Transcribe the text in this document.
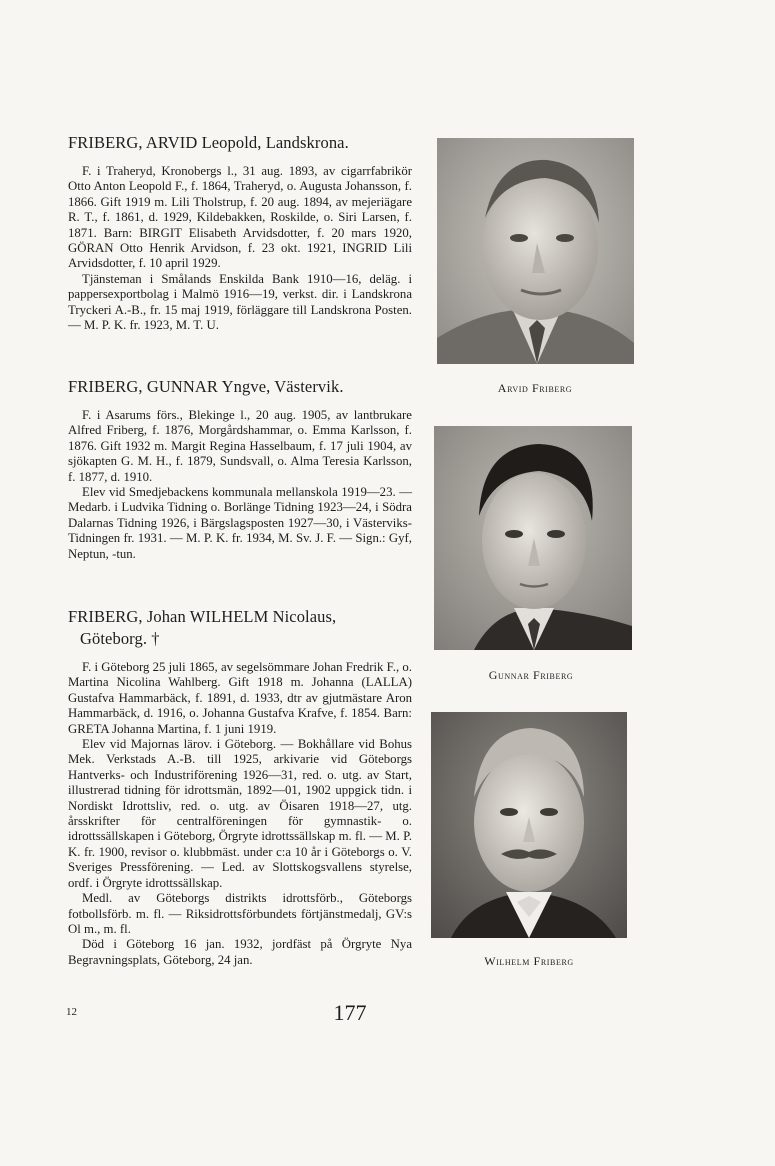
FRIBERG, ARVID Leopold, Landskrona.

F. i Traheryd, Kronobergs l., 31 aug. 1893, av cigarrfabrikör Otto Anton Leopold F., f. 1864, Traheryd, o. Augusta Johansson, f. 1866. Gift 1919 m. Lili Tholstrup, f. 20 aug. 1894, av mejeriägare R. T., f. 1861, d. 1929, Kildebakken, Roskilde, o. Siri Larsen, f. 1871. Barn: BIRGIT Elisabeth Arvidsdotter, f. 20 mars 1920, GÖRAN Otto Henrik Arvidson, f. 23 okt. 1921, INGRID Lili Arvidsdotter, f. 10 april 1929.

Tjänsteman i Smålands Enskilda Bank 1910—16, deläg. i pappersexportbolag i Malmö 1916—19, verkst. dir. i Landskrona Tryckeri A.-B., fr. 15 maj 1919, förläggare till Landskrona Posten. — M. P. K. fr. 1923, M. T. U.

FRIBERG, GUNNAR Yngve, Västervik.

F. i Asarums förs., Blekinge l., 20 aug. 1905, av lantbrukare Alfred Friberg, f. 1876, Morgårdshammar, o. Emma Karlsson, f. 1876. Gift 1932 m. Margit Regina Hasselbaum, f. 17 juli 1904, av sjökapten G. M. H., f. 1879, Sundsvall, o. Alma Teresia Karlsson, f. 1877, d. 1910.

Elev vid Smedjebackens kommunala mellanskola 1919—23. — Medarb. i Ludvika Tidning o. Borlänge Tidning 1923—24, i Södra Dalarnas Tidning 1926, i Bärgslagsposten 1927—30, i Västerviks-Tidningen fr. 1931. — M. P. K. fr. 1934, M. Sv. J. F. — Sign.: Gyf, Neptun, -tun.

FRIBERG, Johan WILHELM Nicolaus,
Göteborg. †

F. i Göteborg 25 juli 1865, av segelsömmare Johan Fredrik F., o. Martina Nicolina Wahlberg. Gift 1918 m. Johanna (LALLA) Gustafva Hammarbäck, f. 1891, d. 1933, dtr av gjutmästare Aron Hammarbäck, d. 1916, o. Johanna Gustafva Krafve, f. 1854. Barn: GRETA Johanna Martina, f. 1 juni 1919.

Elev vid Majornas lärov. i Göteborg. — Bokhållare vid Bohus Mek. Verkstads A.-B. till 1925, arkivarie vid Göteborgs Hantverks- och Industriförening 1926—31, red. o. utg. av Start, illustrerad tidning för idrottsmän, 1892—01, 1902 uppgick tidn. i Nordiskt Idrottsliv, red. o. utg. av Öisaren 1918—27, utg. årsskrifter för centralföreningen för gymnastik- o. idrottssällskapen i Göteborg, Örgryte idrottssällskap m. fl. — M. P. K. fr. 1900, revisor o. klubbmäst. under c:a 10 år i Göteborgs o. V. Sveriges Pressförening. — Led. av Slottskogsvallens styrelse, ordf. i Örgryte idrottssällskap.

Medl. av Göteborgs distrikts idrottsförb., Göteborgs fotbollsförb. m. fl. — Riksidrottsförbundets förtjänstmedalj, GV:s Ol m., m. fl.

Död i Göteborg 16 jan. 1932, jordfäst på Örgryte Nya Begravningsplats, Göteborg, 24 jan.

Arvid Friberg
Gunnar Friberg
Wilhelm Friberg
12	177
